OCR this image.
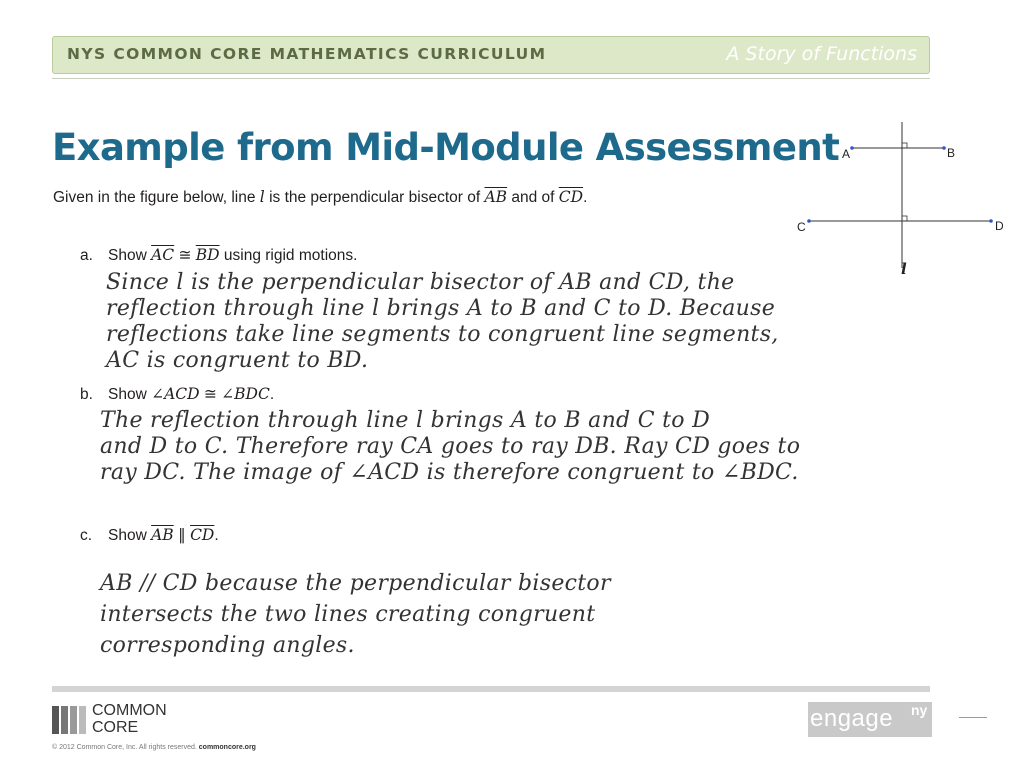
NYS COMMON CORE MATHEMATICS CURRICULUM	A Story of Functions
Example from Mid-Module Assessment
Given in the figure below, line l is the perpendicular bisector of $\overline{AB}$ and of $\overline{CD}$.
A	B
C	D
l
a. Show $\overline{AC}$ ≅ $\overline{BD}$ using rigid motions.
Since l is the perpendicular bisector of AB and CD, the
reflection through line l brings A to B and C to D. Because
reflections take line segments to congruent line segments,
AC is congruent to BD.
b. Show ∠ACD ≅ ∠BDC.
The reflection through line l brings A to B and C to D
and D to C. Therefore ray CA goes to ray DB. Ray CD goes to
ray DC. The image of ∠ACD is therefore congruent to ∠BDC.
c. Show $\overline{AB}$ ∥ $\overline{CD}$.
AB // CD because the perpendicular bisector
intersects the two lines creating congruent
corresponding angles.
COMMON
CORE
© 2012 Common Core, Inc. All rights reserved. commoncore.org
engage ny
